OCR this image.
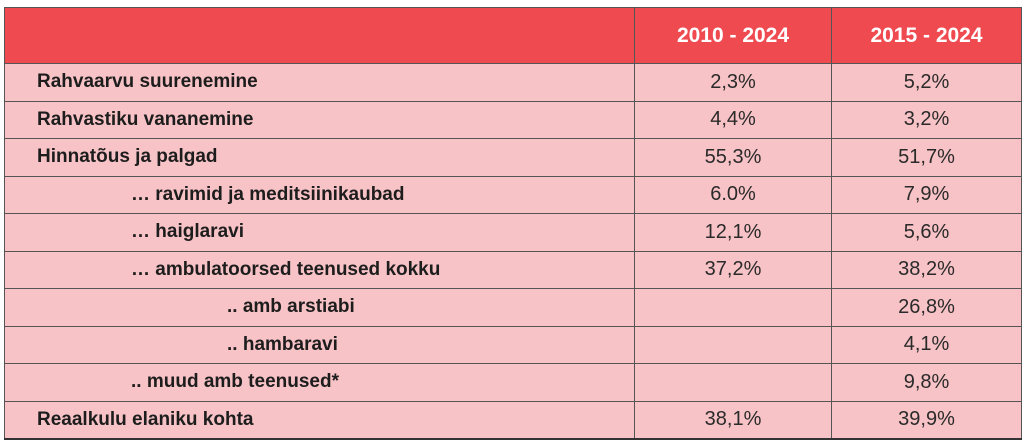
	2010 - 2024	2015 - 2024
Rahvaarvu suurenemine	2,3%	5,2%
Rahvastiku vananemine	4,4%	3,2%
Hinnatõus ja palgad	55,3%	51,7%
… ravimid ja meditsiinikaubad	6.0%	7,9%
… haiglaravi	12,1%	5,6%
… ambulatoorsed teenused kokku	37,2%	38,2%
.. amb arstiabi		26,8%
.. hambaravi		4,1%
.. muud amb teenused*		9,8%
Reaalkulu elaniku kohta	38,1%	39,9%
